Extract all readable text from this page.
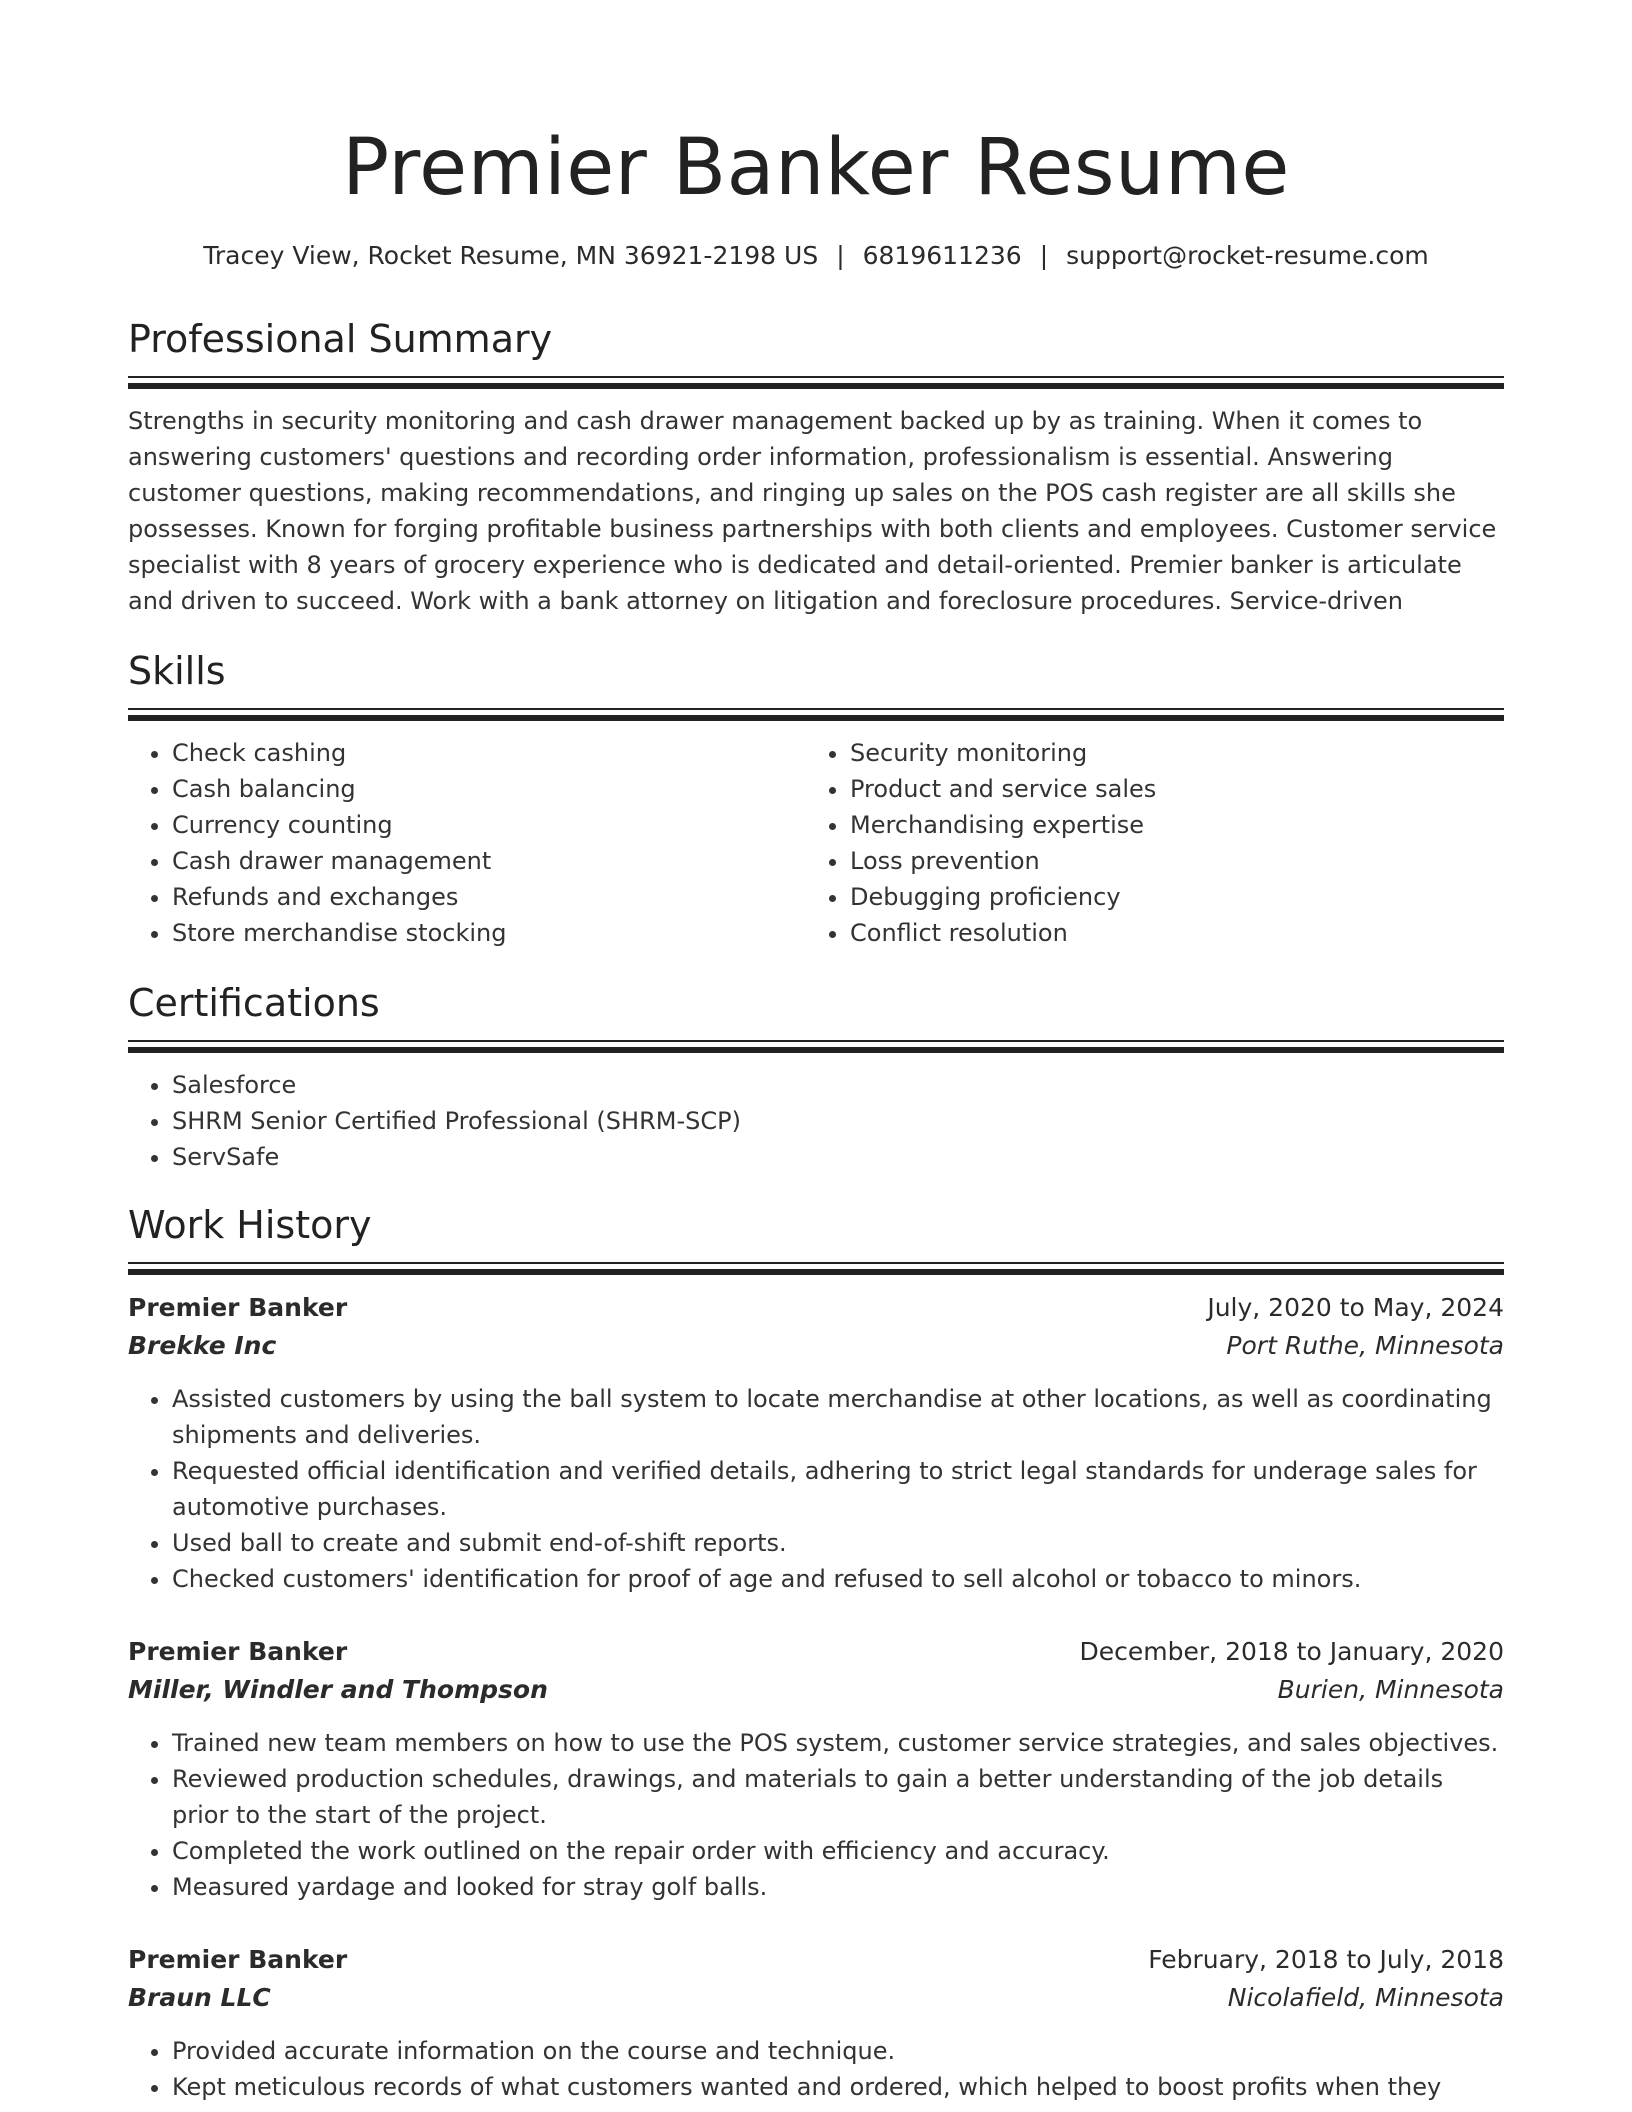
Premier Banker Resume
Tracey View, Rocket Resume, MN 36921-2198 US | 6819611236 | support@rocket-resume.com
Professional Summary

Strengths in security monitoring and cash drawer management backed up by as training. When it comes to answering customers' questions and recording order information, professionalism is essential. Answering customer questions, making recommendations, and ringing up sales on the POS cash register are all skills she possesses. Known for forging profitable business partnerships with both clients and employees. Customer service specialist with 8 years of grocery experience who is dedicated and detail-oriented. Premier banker is articulate and driven to succeed. Work with a bank attorney on litigation and foreclosure procedures. Service-driven

Skills
• Check cashing
• Cash balancing
• Currency counting
• Cash drawer management
• Refunds and exchanges
• Store merchandise stocking
• Security monitoring
• Product and service sales
• Merchandising expertise
• Loss prevention
• Debugging proficiency
• Conflict resolution
Certifications
• Salesforce
• SHRM Senior Certified Professional (SHRM-SCP)
• ServSafe
Work History
Premier Banker	July, 2020 to May, 2024
Brekke Inc	Port Ruthe, Minnesota
• Assisted customers by using the ball system to locate merchandise at other locations, as well as coordinating shipments and deliveries.
• Requested official identification and verified details, adhering to strict legal standards for underage sales for automotive purchases.
• Used ball to create and submit end-of-shift reports.
• Checked customers' identification for proof of age and refused to sell alcohol or tobacco to minors.
Premier Banker	December, 2018 to January, 2020
Miller, Windler and Thompson	Burien, Minnesota
• Trained new team members on how to use the POS system, customer service strategies, and sales objectives.
• Reviewed production schedules, drawings, and materials to gain a better understanding of the job details prior to the start of the project.
• Completed the work outlined on the repair order with efficiency and accuracy.
• Measured yardage and looked for stray golf balls.
Premier Banker	February, 2018 to July, 2018
Braun LLC	Nicolafield, Minnesota
• Provided accurate information on the course and technique.
• Kept meticulous records of what customers wanted and ordered, which helped to boost profits when they
